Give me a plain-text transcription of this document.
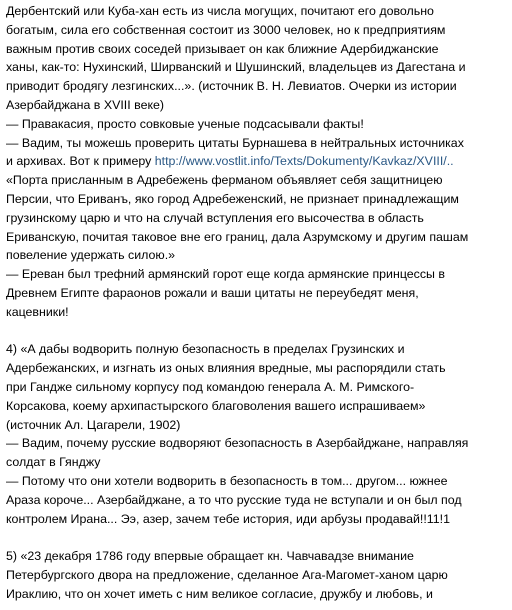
Дербентский или Куба-хан есть из числа могущих, почитают его довольно
богатым, сила его собственная состоит из 3000 человек, но к предприятиям
важным против своих соседей призывает он как ближние Адербиджанские
ханы, как-то: Нухинский, Ширванский и Шушинский, владельцев из Дагестана и
приводит бродягу лезгинских...». (источник В. Н. Левиатов. Очерки из истории
Азербайджана в XVIII веке)
— Правакасия, просто совковые ученые подсасывали факты!
— Вадим, ты можешь проверить цитаты Бурнашева в нейтральных источниках
и архивах. Вот к примеру http://www.vostlit.info/Texts/Dokumenty/Kavkaz/XVIII/..
«Порта присланным в Адребежень ферманом объявляет себя защитницею
Персии, что Ериванъ, яко город Адребеженский, не признает принадлежащим
грузинскому царю и что на случай вступления его высочества в область
Ериванскую, почитая таковое вне его границ, дала Азрумскому и другим пашам
повеление удержать силою.»
— Ереван был трефний армянский горот еще когда армянские принцессы в
Древнем Египте фараонов рожали и ваши цитаты не переубедят меня,
кацевники!
4) «А дабы водворить полную безопасность в пределах Грузинских и
Адербежанских, и изгнать из оных влияния вредные, мы распорядили стать
при Гандже сильному корпусу под командою генерала А. М. Римского-
Корсакова, коему архипастырского благоволения вашего испрашиваем»
(источник Ал. Цагарели, 1902)
— Вадим, почему русские водворяют безопасность в Азербайджане, направляя
солдат в Гянджу
— Потому что они хотели водворить в безопасность в том... другом... южнее
Араза короче... Азербайджане, а то что русские туда не вступали и он был под
контролем Ирана... Ээ, азер, зачем тебе история, иди арбузы продавай!!11!1
5) «23 декабря 1786 году впервые обращает кн. Чавчавадзе внимание
Петербургского двора на предложение, сделанное Ага-Магомет-ханом царю
Ираклию, что он хочет иметь с ним великое согласие, дружбу и любовь, и
